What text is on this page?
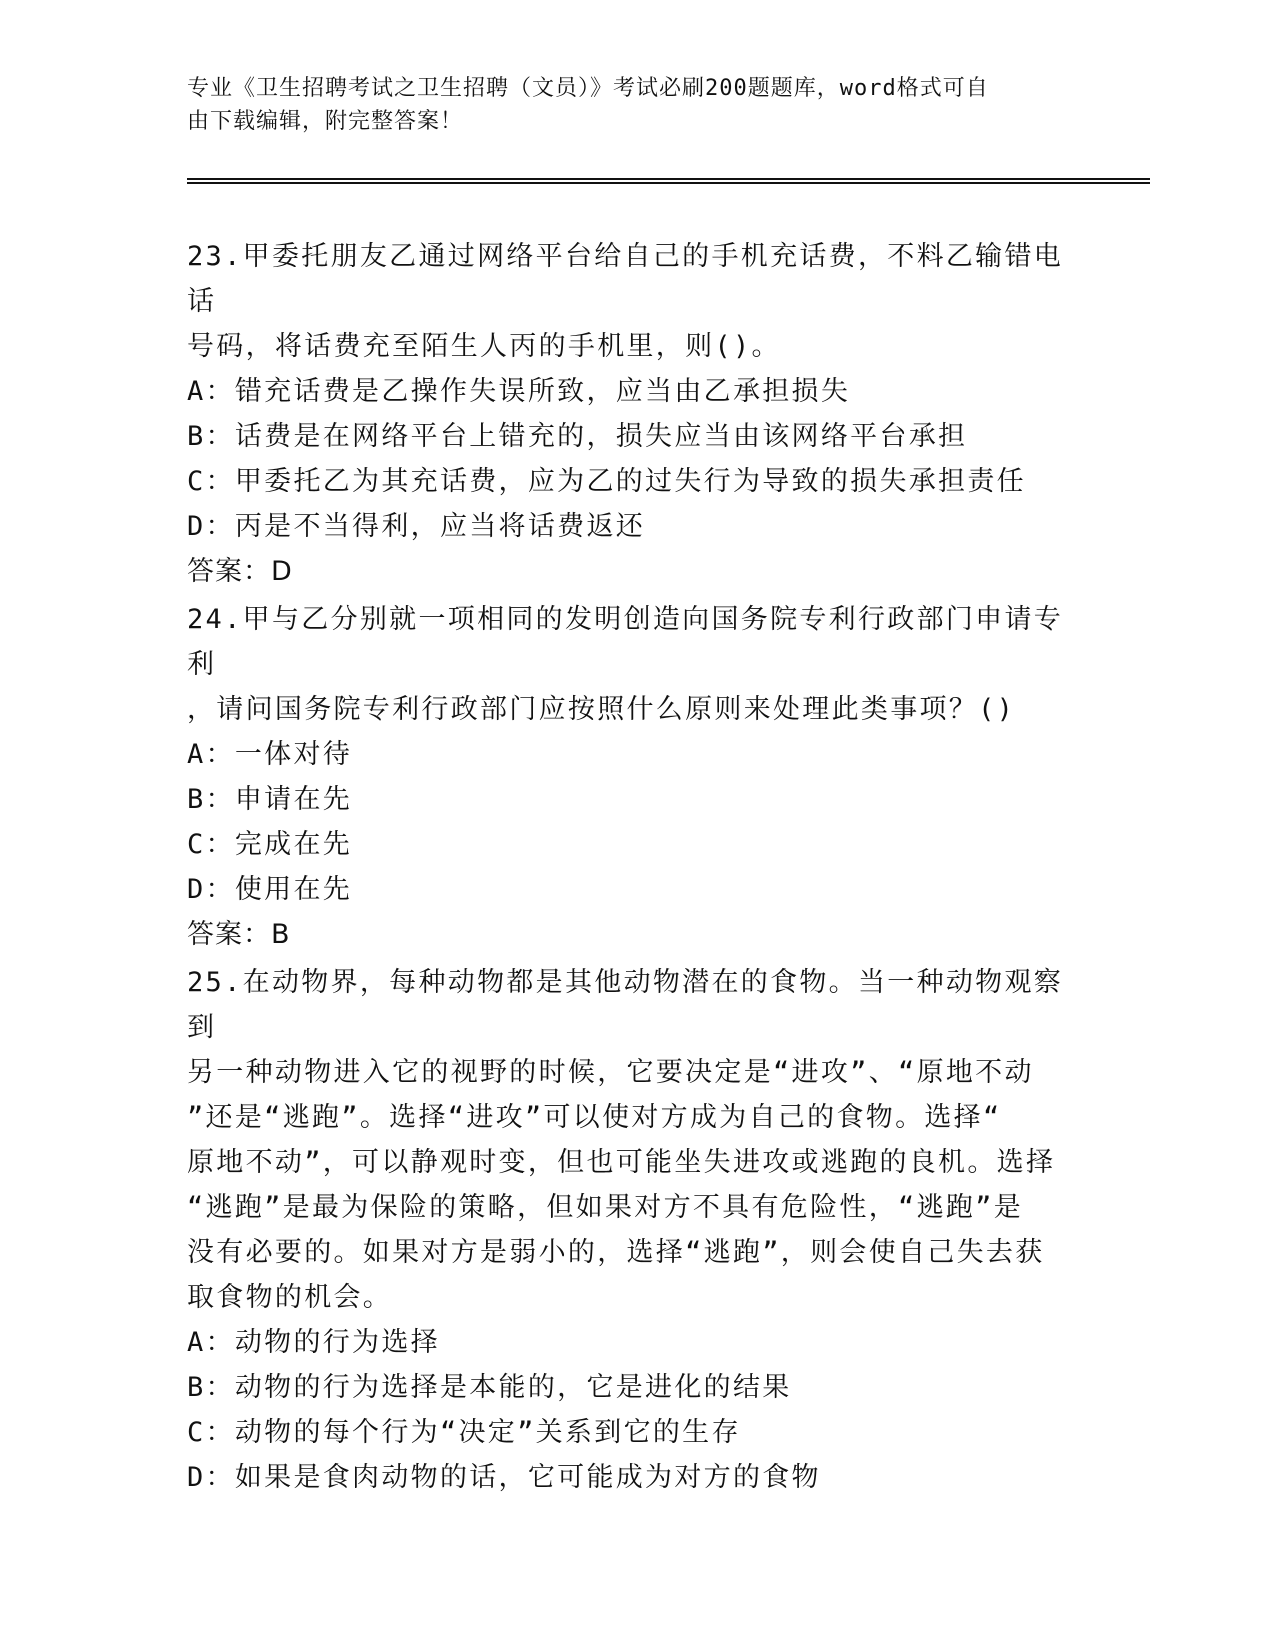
专业《卫生招聘考试之卫生招聘（文员）》考试必刷200题题库，word格式可自
由下载编辑，附完整答案！

23.甲委托朋友乙通过网络平台给自己的手机充话费，不料乙输错电话

号码，将话费充至陌生人丙的手机里，则()。

A：错充话费是乙操作失误所致，应当由乙承担损失

B：话费是在网络平台上错充的，损失应当由该网络平台承担

C：甲委托乙为其充话费，应为乙的过失行为导致的损失承担责任

D：丙是不当得利，应当将话费返还

答案：D

24.甲与乙分别就一项相同的发明创造向国务院专利行政部门申请专利

，请问国务院专利行政部门应按照什么原则来处理此类事项？()

A：一体对待

B：申请在先

C：完成在先

D：使用在先

答案：B

25.在动物界，每种动物都是其他动物潜在的食物。当一种动物观察到

另一种动物进入它的视野的时候，它要决定是“进攻”、“原地不动

”还是“逃跑”。选择“进攻”可以使对方成为自己的食物。选择“

原地不动”，可以静观时变，但也可能坐失进攻或逃跑的良机。选择

“逃跑”是最为保险的策略，但如果对方不具有危险性，“逃跑”是

没有必要的。如果对方是弱小的，选择“逃跑”，则会使自己失去获

取食物的机会。

A：动物的行为选择

B：动物的行为选择是本能的，它是进化的结果

C：动物的每个行为“决定”关系到它的生存

D：如果是食肉动物的话，它可能成为对方的食物
